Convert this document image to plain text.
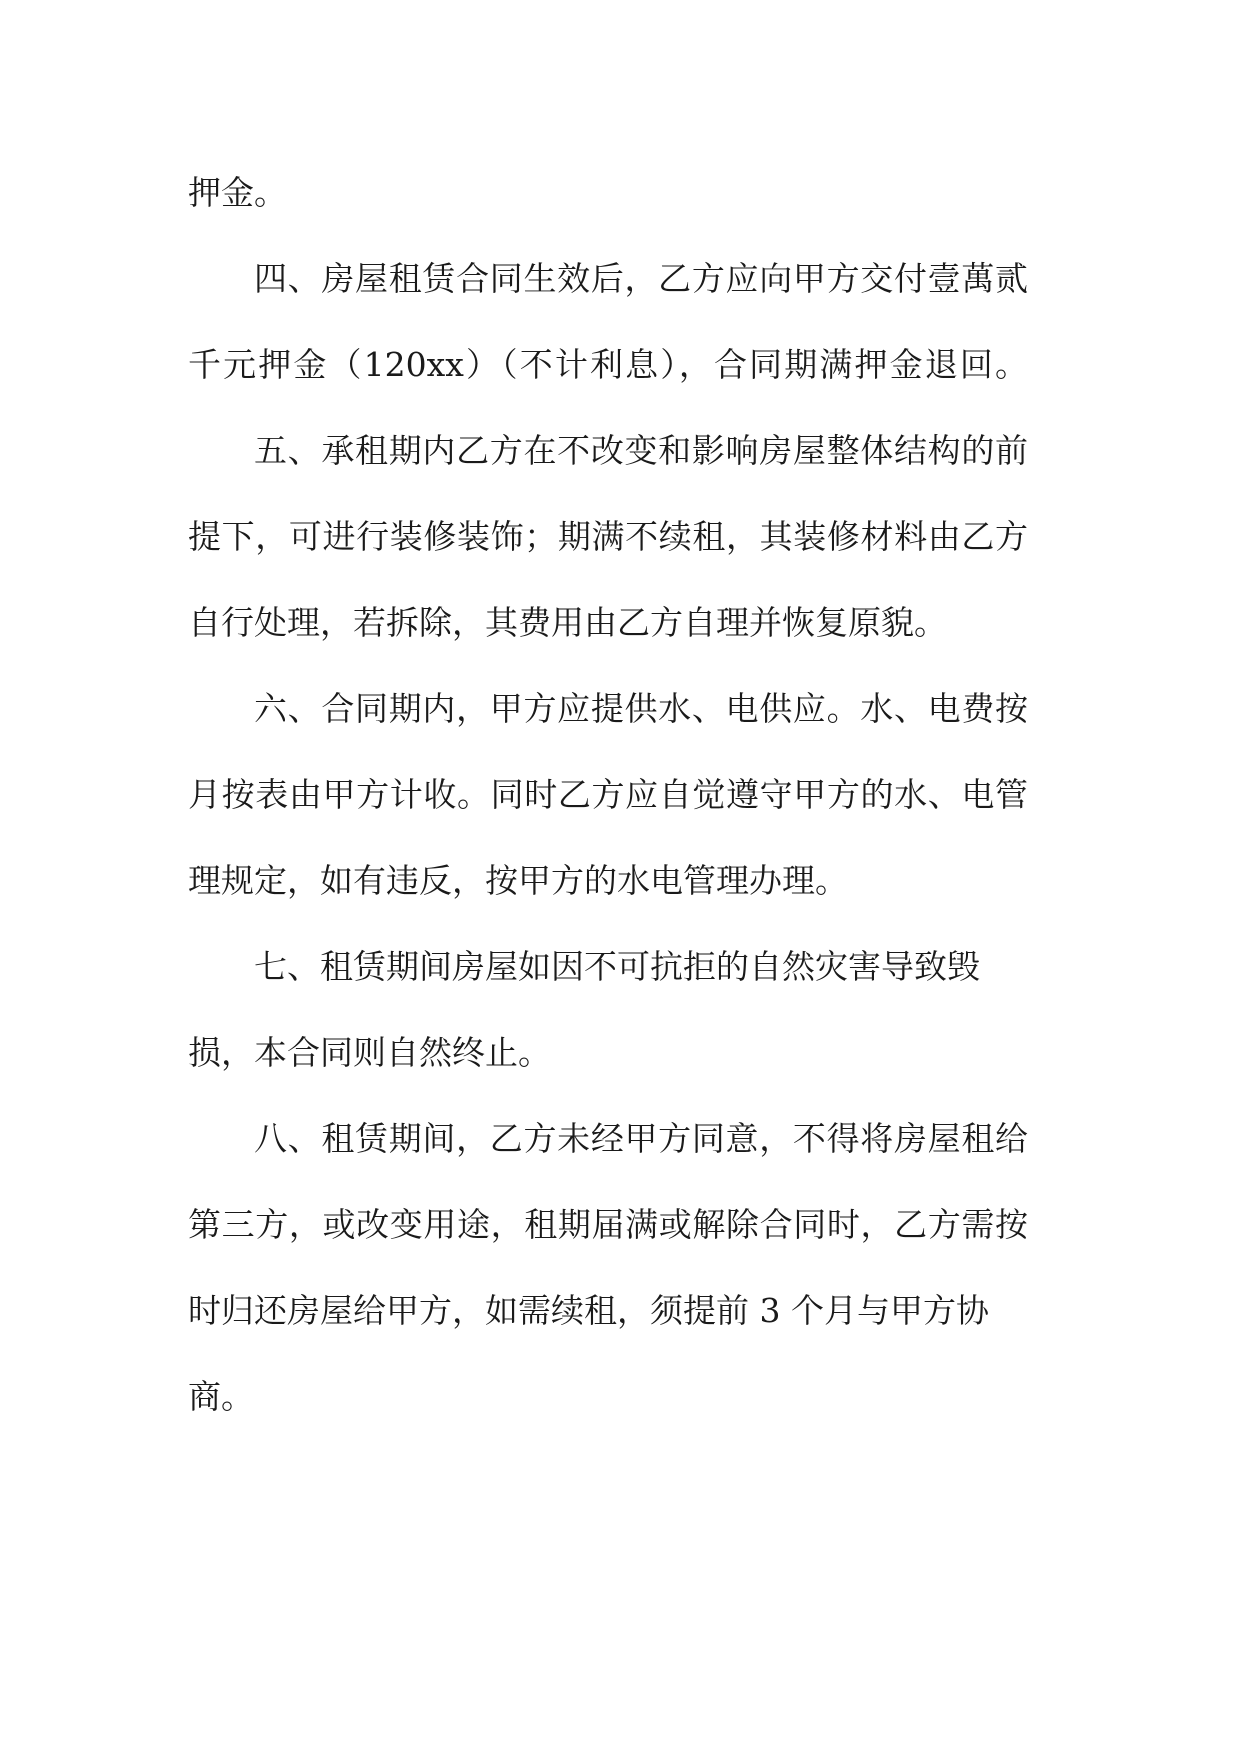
押金。

四、房屋租赁合同生效后，乙方应向甲方交付壹萬贰

千元押金（120xx）（不计利息），合同期满押金退回。

五、承租期内乙方在不改变和影响房屋整体结构的前

提下，可进行装修装饰；期满不续租，其装修材料由乙方

自行处理，若拆除，其费用由乙方自理并恢复原貌。

六、合同期内，甲方应提供水、电供应。水、电费按

月按表由甲方计收。同时乙方应自觉遵守甲方的水、电管

理规定，如有违反，按甲方的水电管理办理。

七、租赁期间房屋如因不可抗拒的自然灾害导致毁

损，本合同则自然终止。

八、租赁期间，乙方未经甲方同意，不得将房屋租给

第三方，或改变用途，租期届满或解除合同时，乙方需按

时归还房屋给甲方，如需续租，须提前 3 个月与甲方协

商。
